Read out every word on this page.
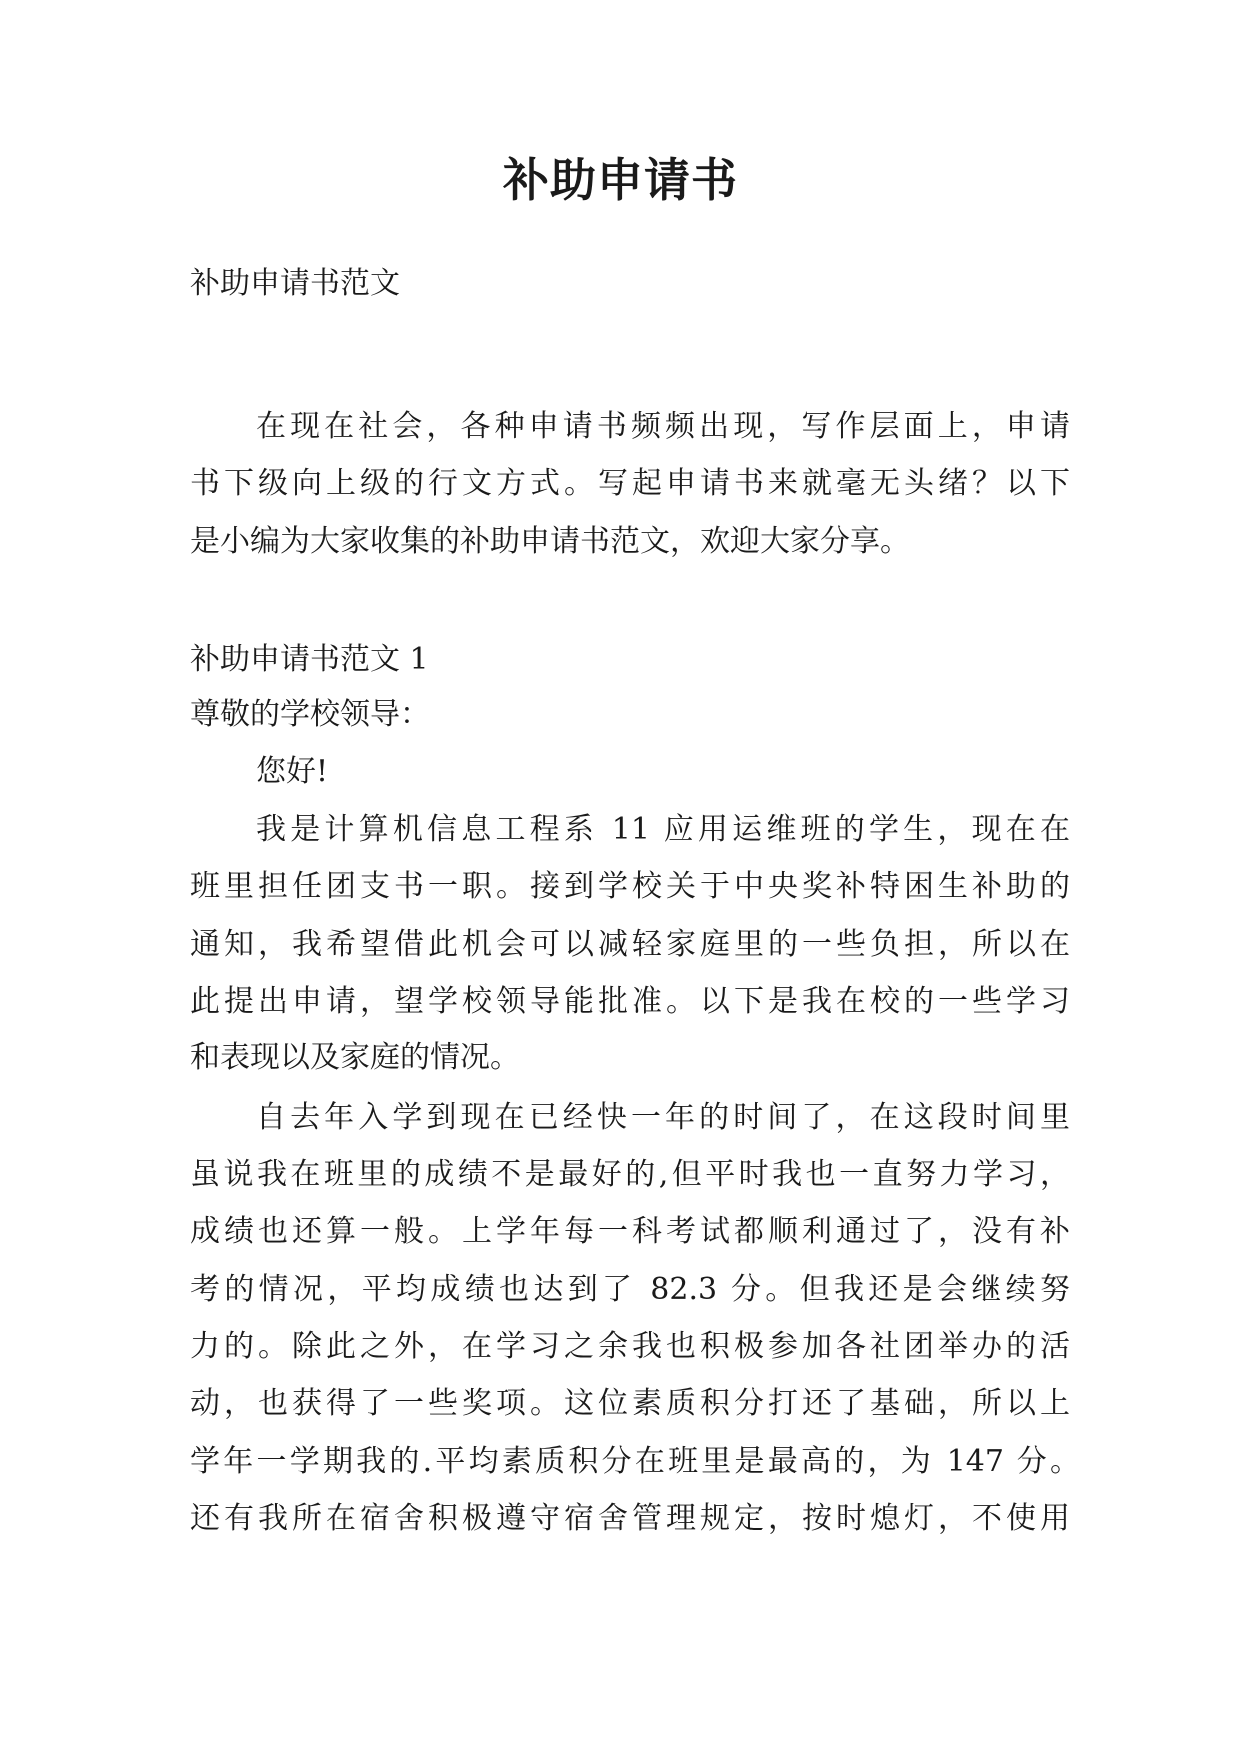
补助申请书

补助申请书范文

在现在社会，各种申请书频频出现，写作层面上，申请

书下级向上级的行文方式。写起申请书来就毫无头绪？以下

是小编为大家收集的补助申请书范文，欢迎大家分享。

补助申请书范文 1

尊敬的学校领导：

您好!

我是计算机信息工程系 11 应用运维班的学生，现在在

班里担任团支书一职。接到学校关于中央奖补特困生补助的

通知，我希望借此机会可以减轻家庭里的一些负担，所以在

此提出申请，望学校领导能批准。以下是我在校的一些学习

和表现以及家庭的情况。

自去年入学到现在已经快一年的时间了，在这段时间里

虽说我在班里的成绩不是最好的,但平时我也一直努力学习，

成绩也还算一般。上学年每一科考试都顺利通过了，没有补

考的情况，平均成绩也达到了 82.3 分。但我还是会继续努

力的。除此之外，在学习之余我也积极参加各社团举办的活

动，也获得了一些奖项。这位素质积分打还了基础，所以上

学年一学期我的.平均素质积分在班里是最高的，为 147 分。

还有我所在宿舍积极遵守宿舍管理规定，按时熄灯，不使用
